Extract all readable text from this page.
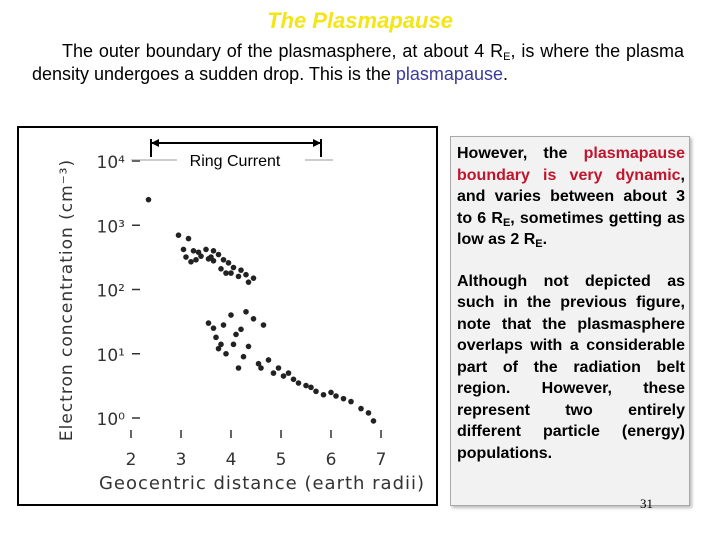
The Plasmapause
The outer boundary of the plasmasphere, at about 4 $R_E$, is where the plasma density undergoes a sudden drop. This is the plasmapause.
10⁴
10³
10²
10¹
10⁰
2 3 4 5 6 7
Geocentric distance (earth radii)
Electron concentration (cm⁻³)	Ring Current	However, the plasmapause boundary is very dynamic, and varies between about 3 to 6 $R_E$, sometimes getting as low as 2 $R_E$.
Although not depicted as such in the previous figure, note that the plasmasphere overlaps with a considerable part of the radiation belt region. However, these represent two entirely different particle (energy) populations.
31
